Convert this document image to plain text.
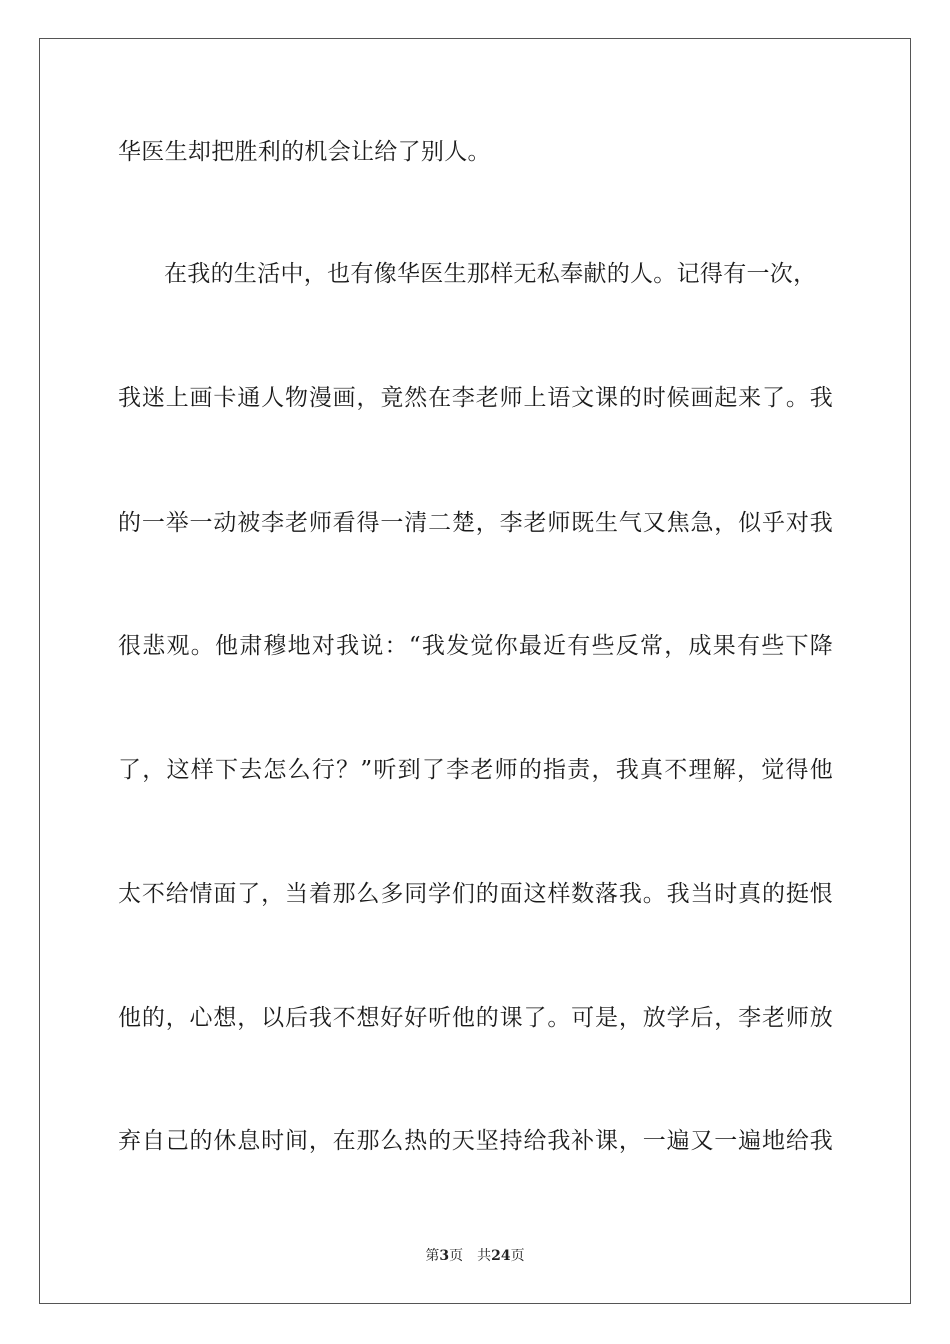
华医生却把胜利的机会让给了别人。
在我的生活中，也有像华医生那样无私奉献的人。记得有一次，
我迷上画卡通人物漫画，竟然在李老师上语文课的时候画起来了。我
的一举一动被李老师看得一清二楚，李老师既生气又焦急，似乎对我
很悲观。他肃穆地对我说：“我发觉你最近有些反常，成果有些下降
了，这样下去怎么行？”听到了李老师的指责，我真不理解，觉得他
太不给情面了，当着那么多同学们的面这样数落我。我当时真的挺恨
他的，心想，以后我不想好好听他的课了。可是，放学后，李老师放
弃自己的休息时间，在那么热的天坚持给我补课，一遍又一遍地给我
第3页 共24页
